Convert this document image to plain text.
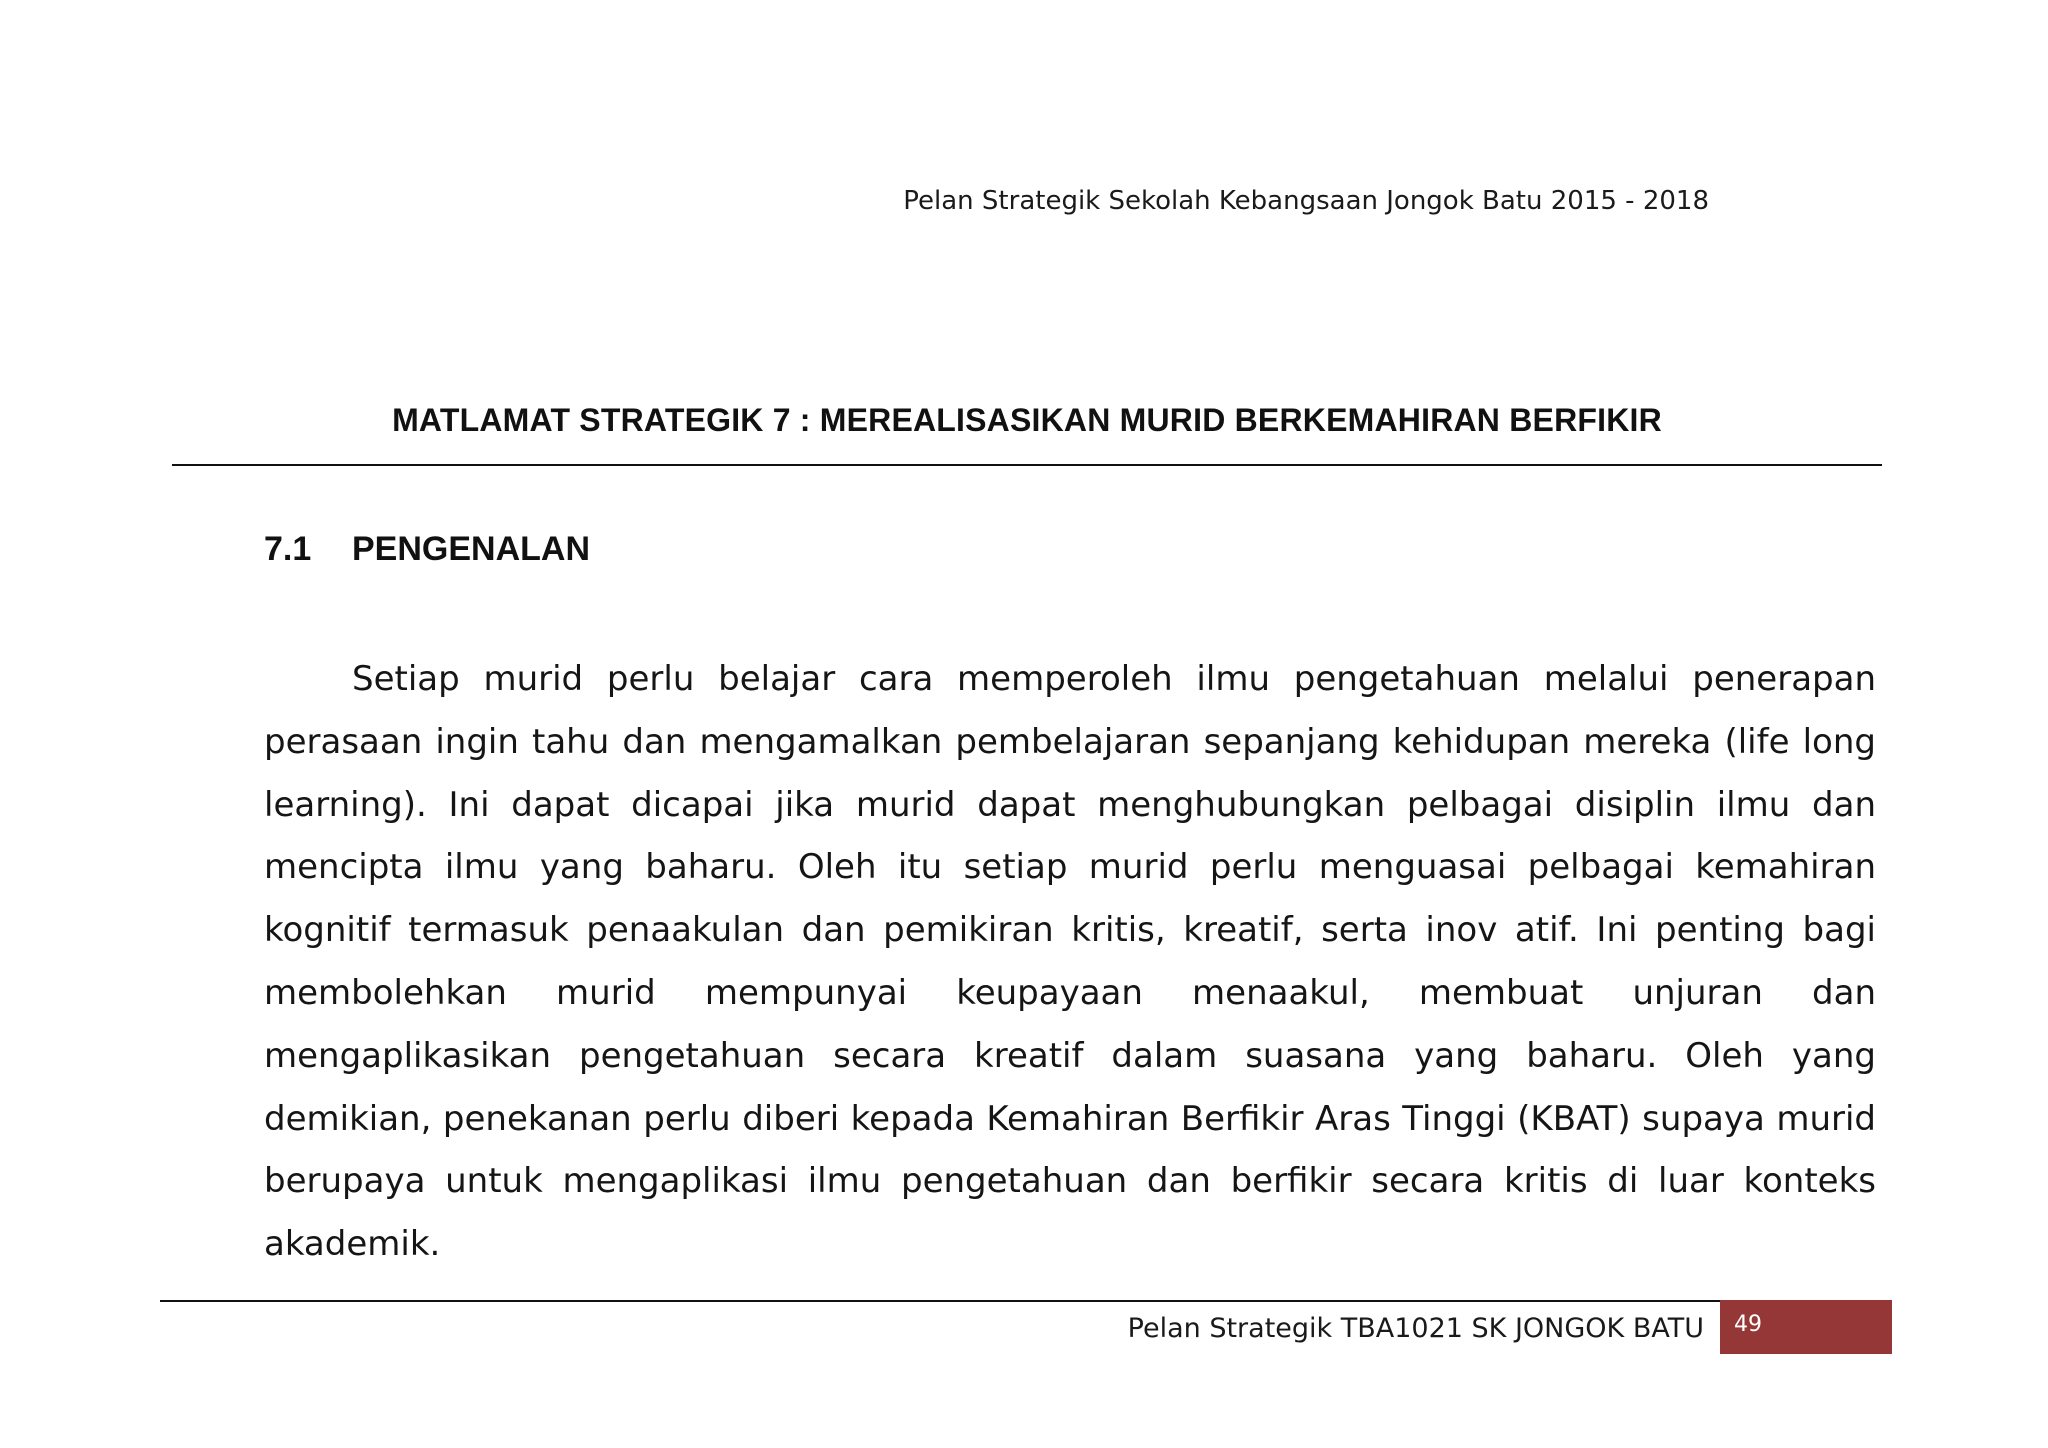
Pelan Strategik Sekolah Kebangsaan Jongok Batu 2015 - 2018
MATLAMAT STRATEGIK 7 : MEREALISASIKAN MURID BERKEMAHIRAN BERFIKIR
7.1 PENGENALAN

Setiap murid perlu belajar cara memperoleh ilmu pengetahuan melalui penerapan perasaan ingin tahu dan mengamalkan pembelajaran sepanjang kehidupan mereka (life long learning). Ini dapat dicapai jika murid dapat menghubungkan pelbagai disiplin ilmu dan mencipta ilmu yang baharu. Oleh itu setiap murid perlu menguasai pelbagai kemahiran kognitif termasuk penaakulan dan pemikiran kritis, kreatif, serta inov atif. Ini penting bagi membolehkan murid mempunyai keupayaan menaakul, membuat unjuran dan mengaplikasikan pengetahuan secara kreatif dalam suasana yang baharu. Oleh yang demikian, penekanan perlu diberi kepada Kemahiran Berfikir Aras Tinggi (KBAT) supaya murid berupaya untuk mengaplikasi ilmu pengetahuan dan berfikir secara kritis di luar konteks akademik.

Pelan Strategik TBA1021 SK JONGOK BATU 49
